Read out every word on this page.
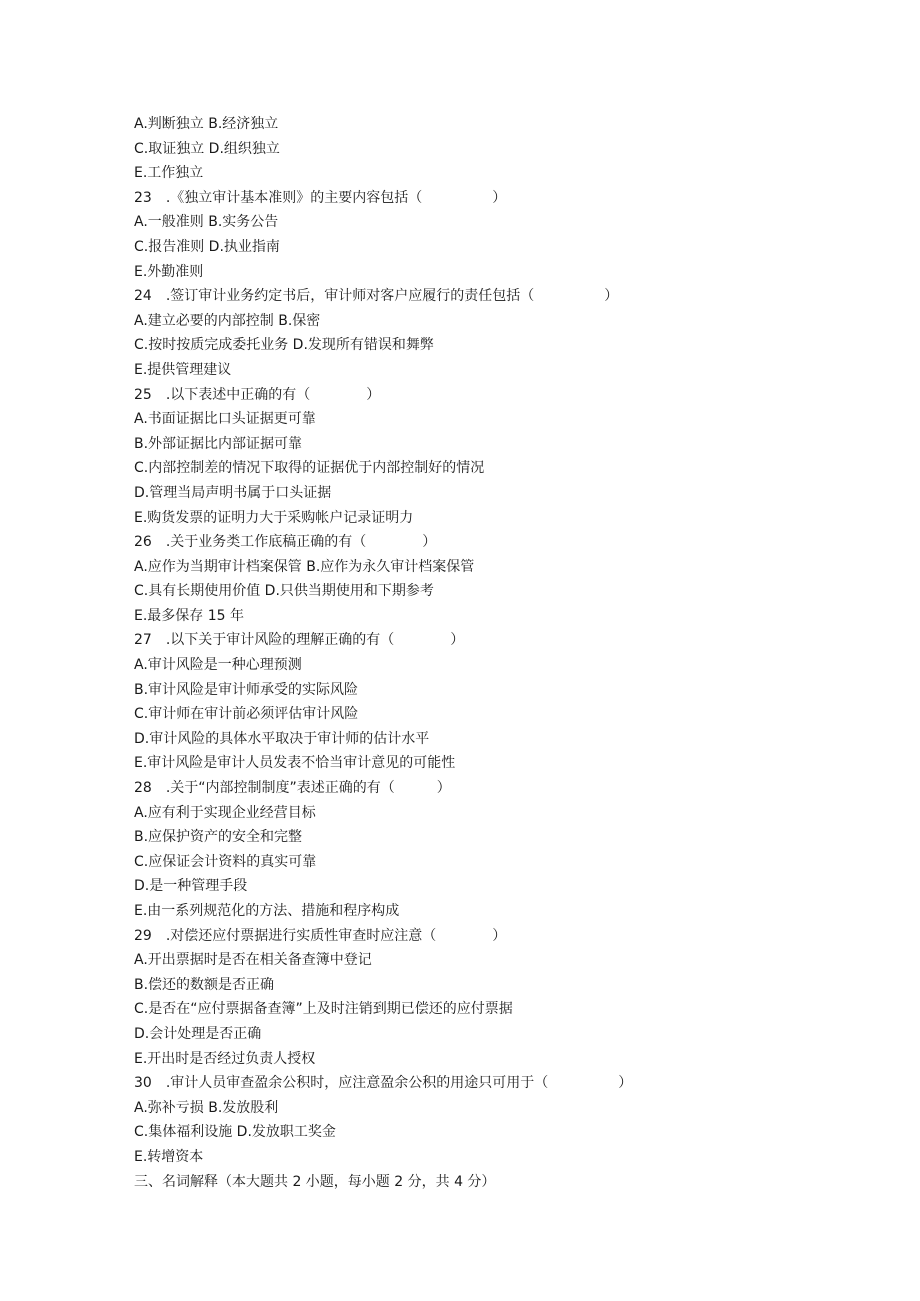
A.判断独立 B.经济独立
C.取证独立 D.组织独立
E.工作独立
23　.《独立审计基本准则》的主要内容包括（　　　　　）
A.一般准则 B.实务公告
C.报告准则 D.执业指南
E.外勤准则
24　.签订审计业务约定书后，审计师对客户应履行的责任包括（　　　　　）
A.建立必要的内部控制 B.保密
C.按时按质完成委托业务 D.发现所有错误和舞弊
E.提供管理建议
25　.以下表述中正确的有（　　　　）
A.书面证据比口头证据更可靠
B.外部证据比内部证据可靠
C.内部控制差的情况下取得的证据优于内部控制好的情况
D.管理当局声明书属于口头证据
E.购货发票的证明力大于采购帐户记录证明力
26　.关于业务类工作底稿正确的有（　　　　）
A.应作为当期审计档案保管 B.应作为永久审计档案保管
C.具有长期使用价值 D.只供当期使用和下期参考
E.最多保存 15 年
27　.以下关于审计风险的理解正确的有（　　　　）
A.审计风险是一种心理预测
B.审计风险是审计师承受的实际风险
C.审计师在审计前必须评估审计风险
D.审计风险的具体水平取决于审计师的估计水平
E.审计风险是审计人员发表不恰当审计意见的可能性
28　.关于“内部控制制度”表述正确的有（　　　）
A.应有利于实现企业经营目标
B.应保护资产的安全和完整
C.应保证会计资料的真实可靠
D.是一种管理手段
E.由一系列规范化的方法、措施和程序构成
29　.对偿还应付票据进行实质性审查时应注意（　　　　）
A.开出票据时是否在相关备查簿中登记
B.偿还的数额是否正确
C.是否在“应付票据备查簿”上及时注销到期已偿还的应付票据
D.会计处理是否正确
E.开出时是否经过负责人授权
30　.审计人员审查盈余公积时，应注意盈余公积的用途只可用于（　　　　　）
A.弥补亏损 B.发放股利
C.集体福利设施 D.发放职工奖金
E.转增资本
三、名词解释（本大题共 2 小题，每小题 2 分，共 4 分）
